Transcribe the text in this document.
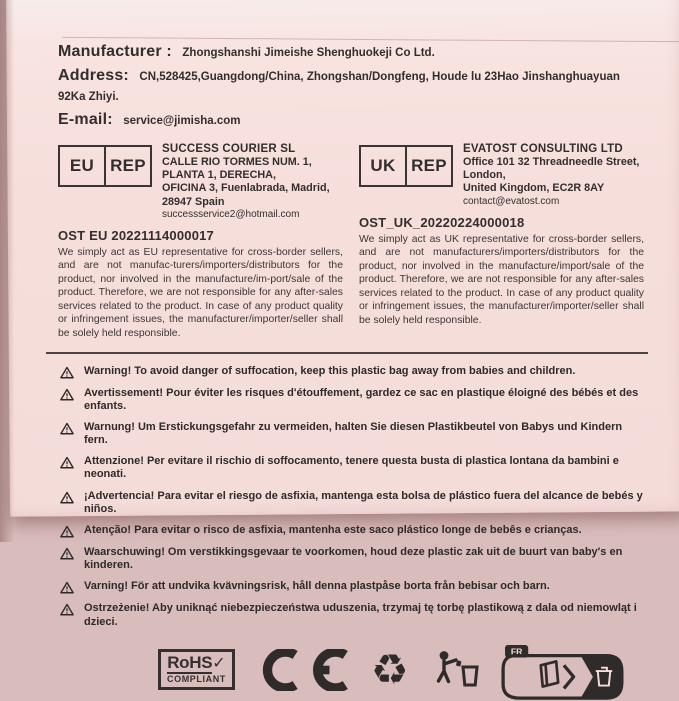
Manufacturer : Zhongshanshi Jimeishe Shenghuokeji Co Ltd.
Address: CN,528425,Guangdong/China, Zhongshan/Dongfeng, Houde lu 23Hao Jinshanghuayuan 92Ka Zhiyi.
E-mail: service@jimisha.com
EU REP
SUCCESS COURIER SL
CALLE RIO TORMES NUM. 1, PLANTA 1, DERECHA,
OFICINA 3, Fuenlabrada, Madrid, 28947 Spain
successservice2@hotmail.com
OST EU 20221114000017

We simply act as EU representative for cross-border sellers, and are not manufac-turers/importers/distributors for the product, nor involved in the manufacture/im-port/sale of the product. Therefore, we are not responsible for any after-sales services related to the product. In case of any product quality or infringement issues, the manufacturer/importer/seller shall be solely held responsible.

UK REP
EVATOST CONSULTING LTD
Office 101 32 Threadneedle Street, London,
United Kingdom, EC2R 8AY
contact@evatost.com
OST_UK_20220224000018

We simply act as UK representative for cross-border sellers, and are not manufacturers/importers/distributors for the product, nor involved in the manufacture/import/sale of the product. Therefore, we are not responsible for any after-sales services related to the product. In case of any product quality or infringement issues, the manufacturer/importer/seller shall be solely held responsible.

Warning! To avoid danger of suffocation, keep this plastic bag away from babies and children.
Avertissement! Pour éviter les risques d'étouffement, gardez ce sac en plastique éloigné des bébés et des enfants.
Warnung! Um Erstickungsgefahr zu vermeiden, halten Sie diesen Plastikbeutel von Babys und Kindern fern.
Attenzione! Per evitare il rischio di soffocamento, tenere questa busta di plastica lontana da bambini e neonati.
¡Advertencia! Para evitar el riesgo de asfixia, mantenga esta bolsa de plástico fuera del alcance de bebés y niños.
Atenção! Para evitar o risco de asfixia, mantenha este saco plástico longe de bebês e crianças.
Waarschuwing! Om verstikkingsgevaar te voorkomen, houd deze plastic zak uit de buurt van baby's en kinderen.
Varning! För att undvika kvävningsrisk, håll denna plastpåse borta från bebisar och barn.
Ostrzeżenie! Aby uniknąć niebezpieczeństwa uduszenia, trzymaj tę torbę plastikową z dala od niemowląt i dzieci.
RoHS✓
COMPLIANT	♻	FR
